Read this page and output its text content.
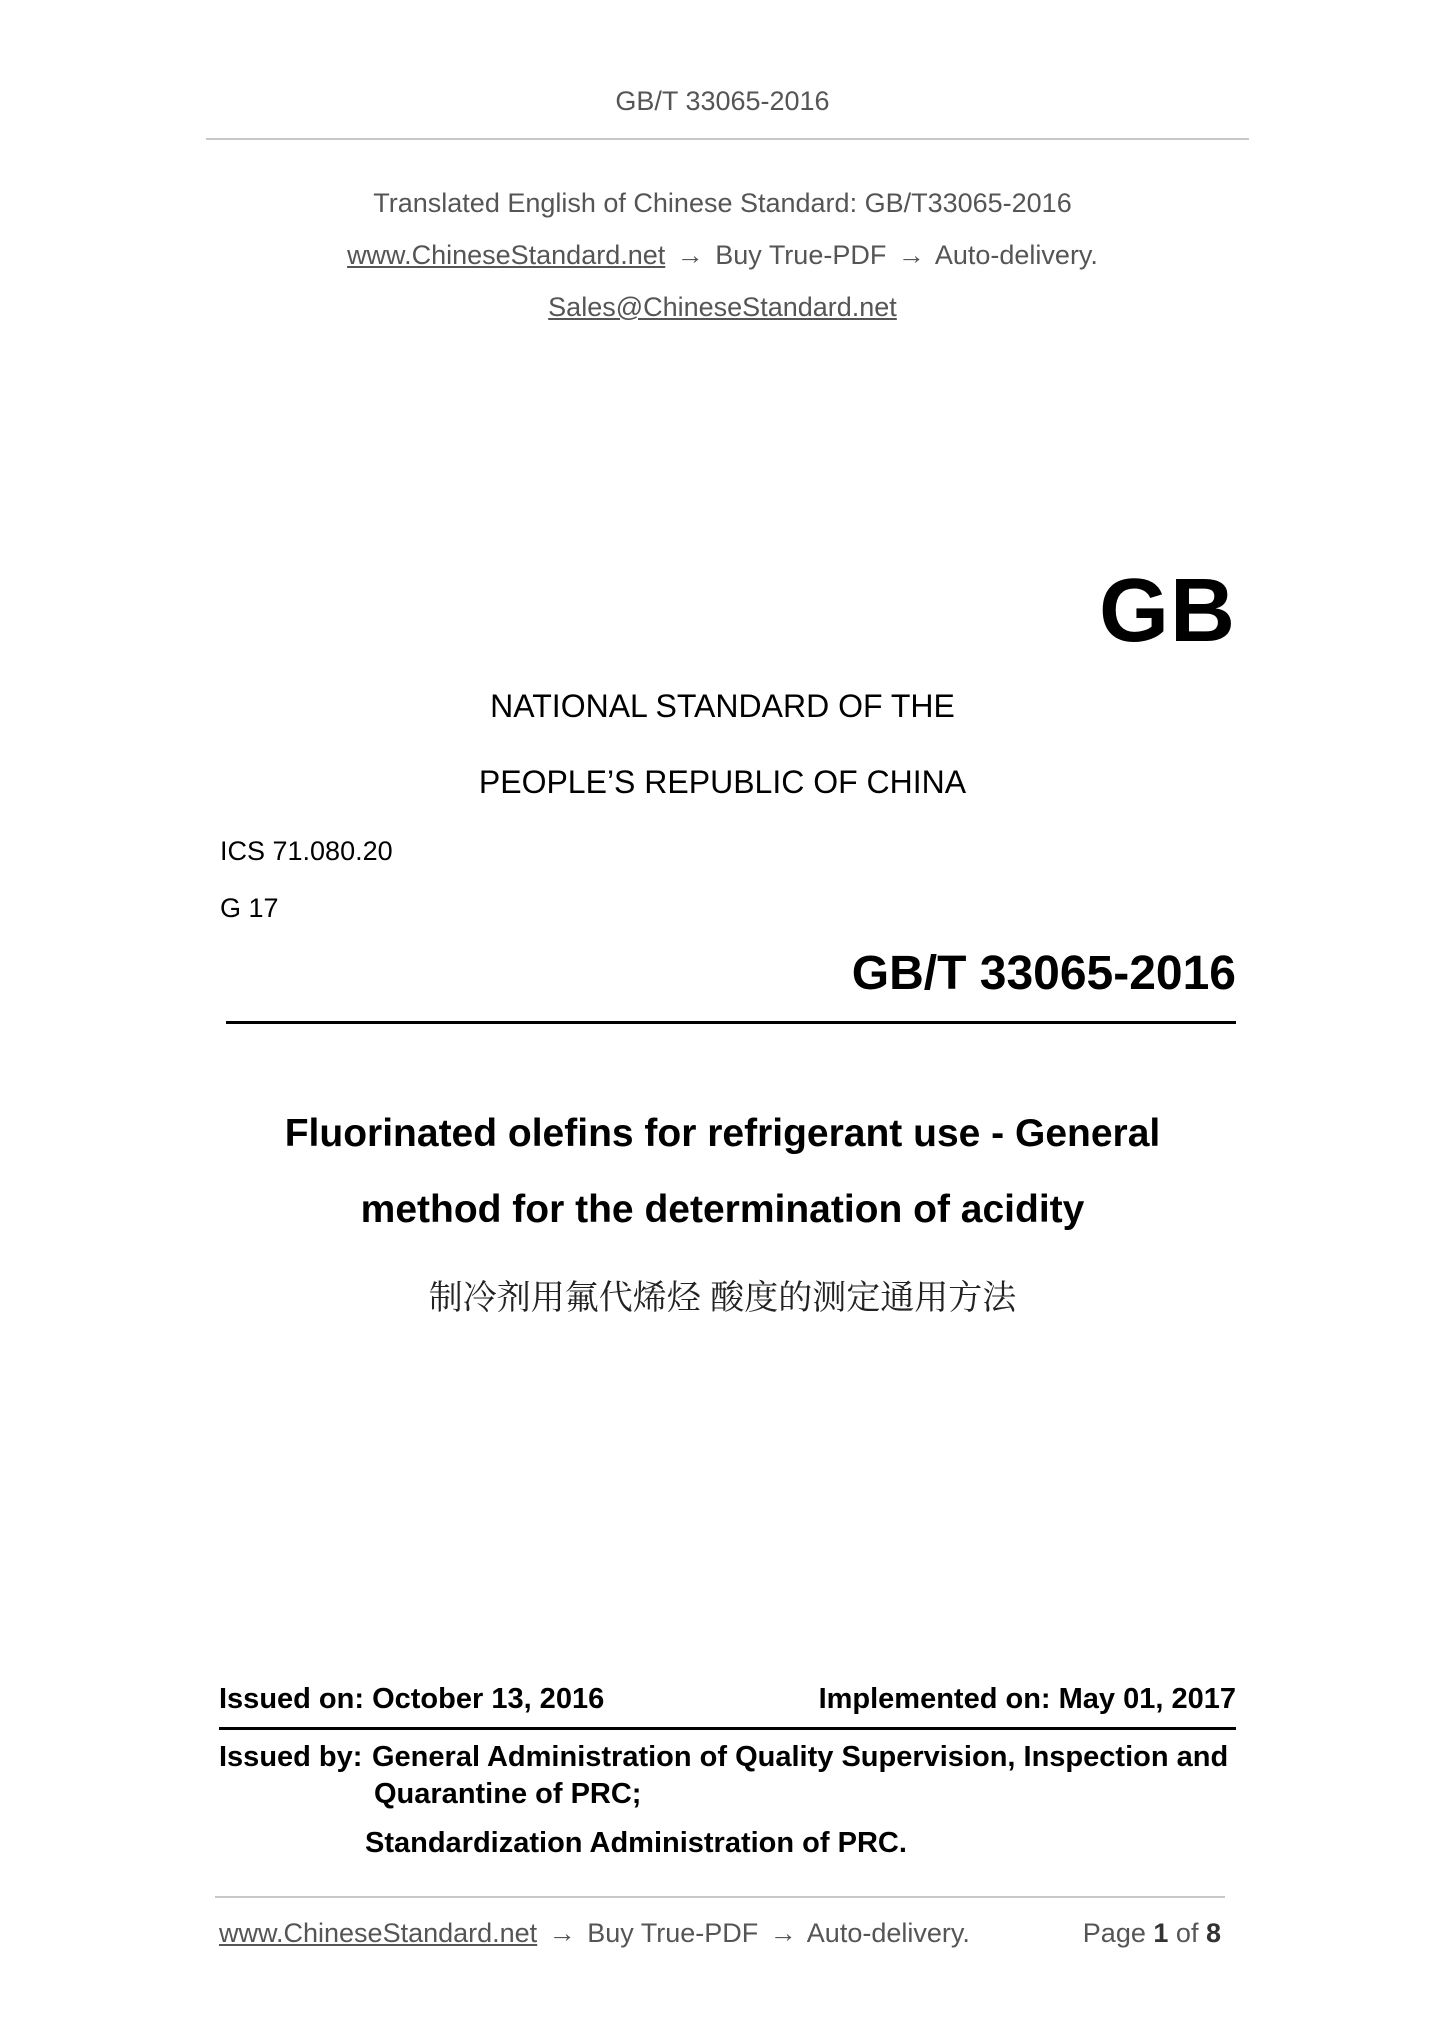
GB/T 33065-2016
Translated English of Chinese Standard: GB/T33065-2016
www.ChineseStandard.net → Buy True-PDF → Auto-delivery.
Sales@ChineseStandard.net
GB
NATIONAL STANDARD OF THE
PEOPLE’S REPUBLIC OF CHINA
ICS 71.080.20
G 17
GB/T 33065-2016
Fluorinated olefins for refrigerant use - General
method for the determination of acidity
制冷剂用氟代烯烃 酸度的测定通用方法
Issued on: October 13, 2016	Implemented on: May 01, 2017
Issued by: General Administration of Quality Supervision, Inspection and
Quarantine of PRC;
Standardization Administration of PRC.
www.ChineseStandard.net → Buy True-PDF → Auto-delivery.	Page 1 of 8
